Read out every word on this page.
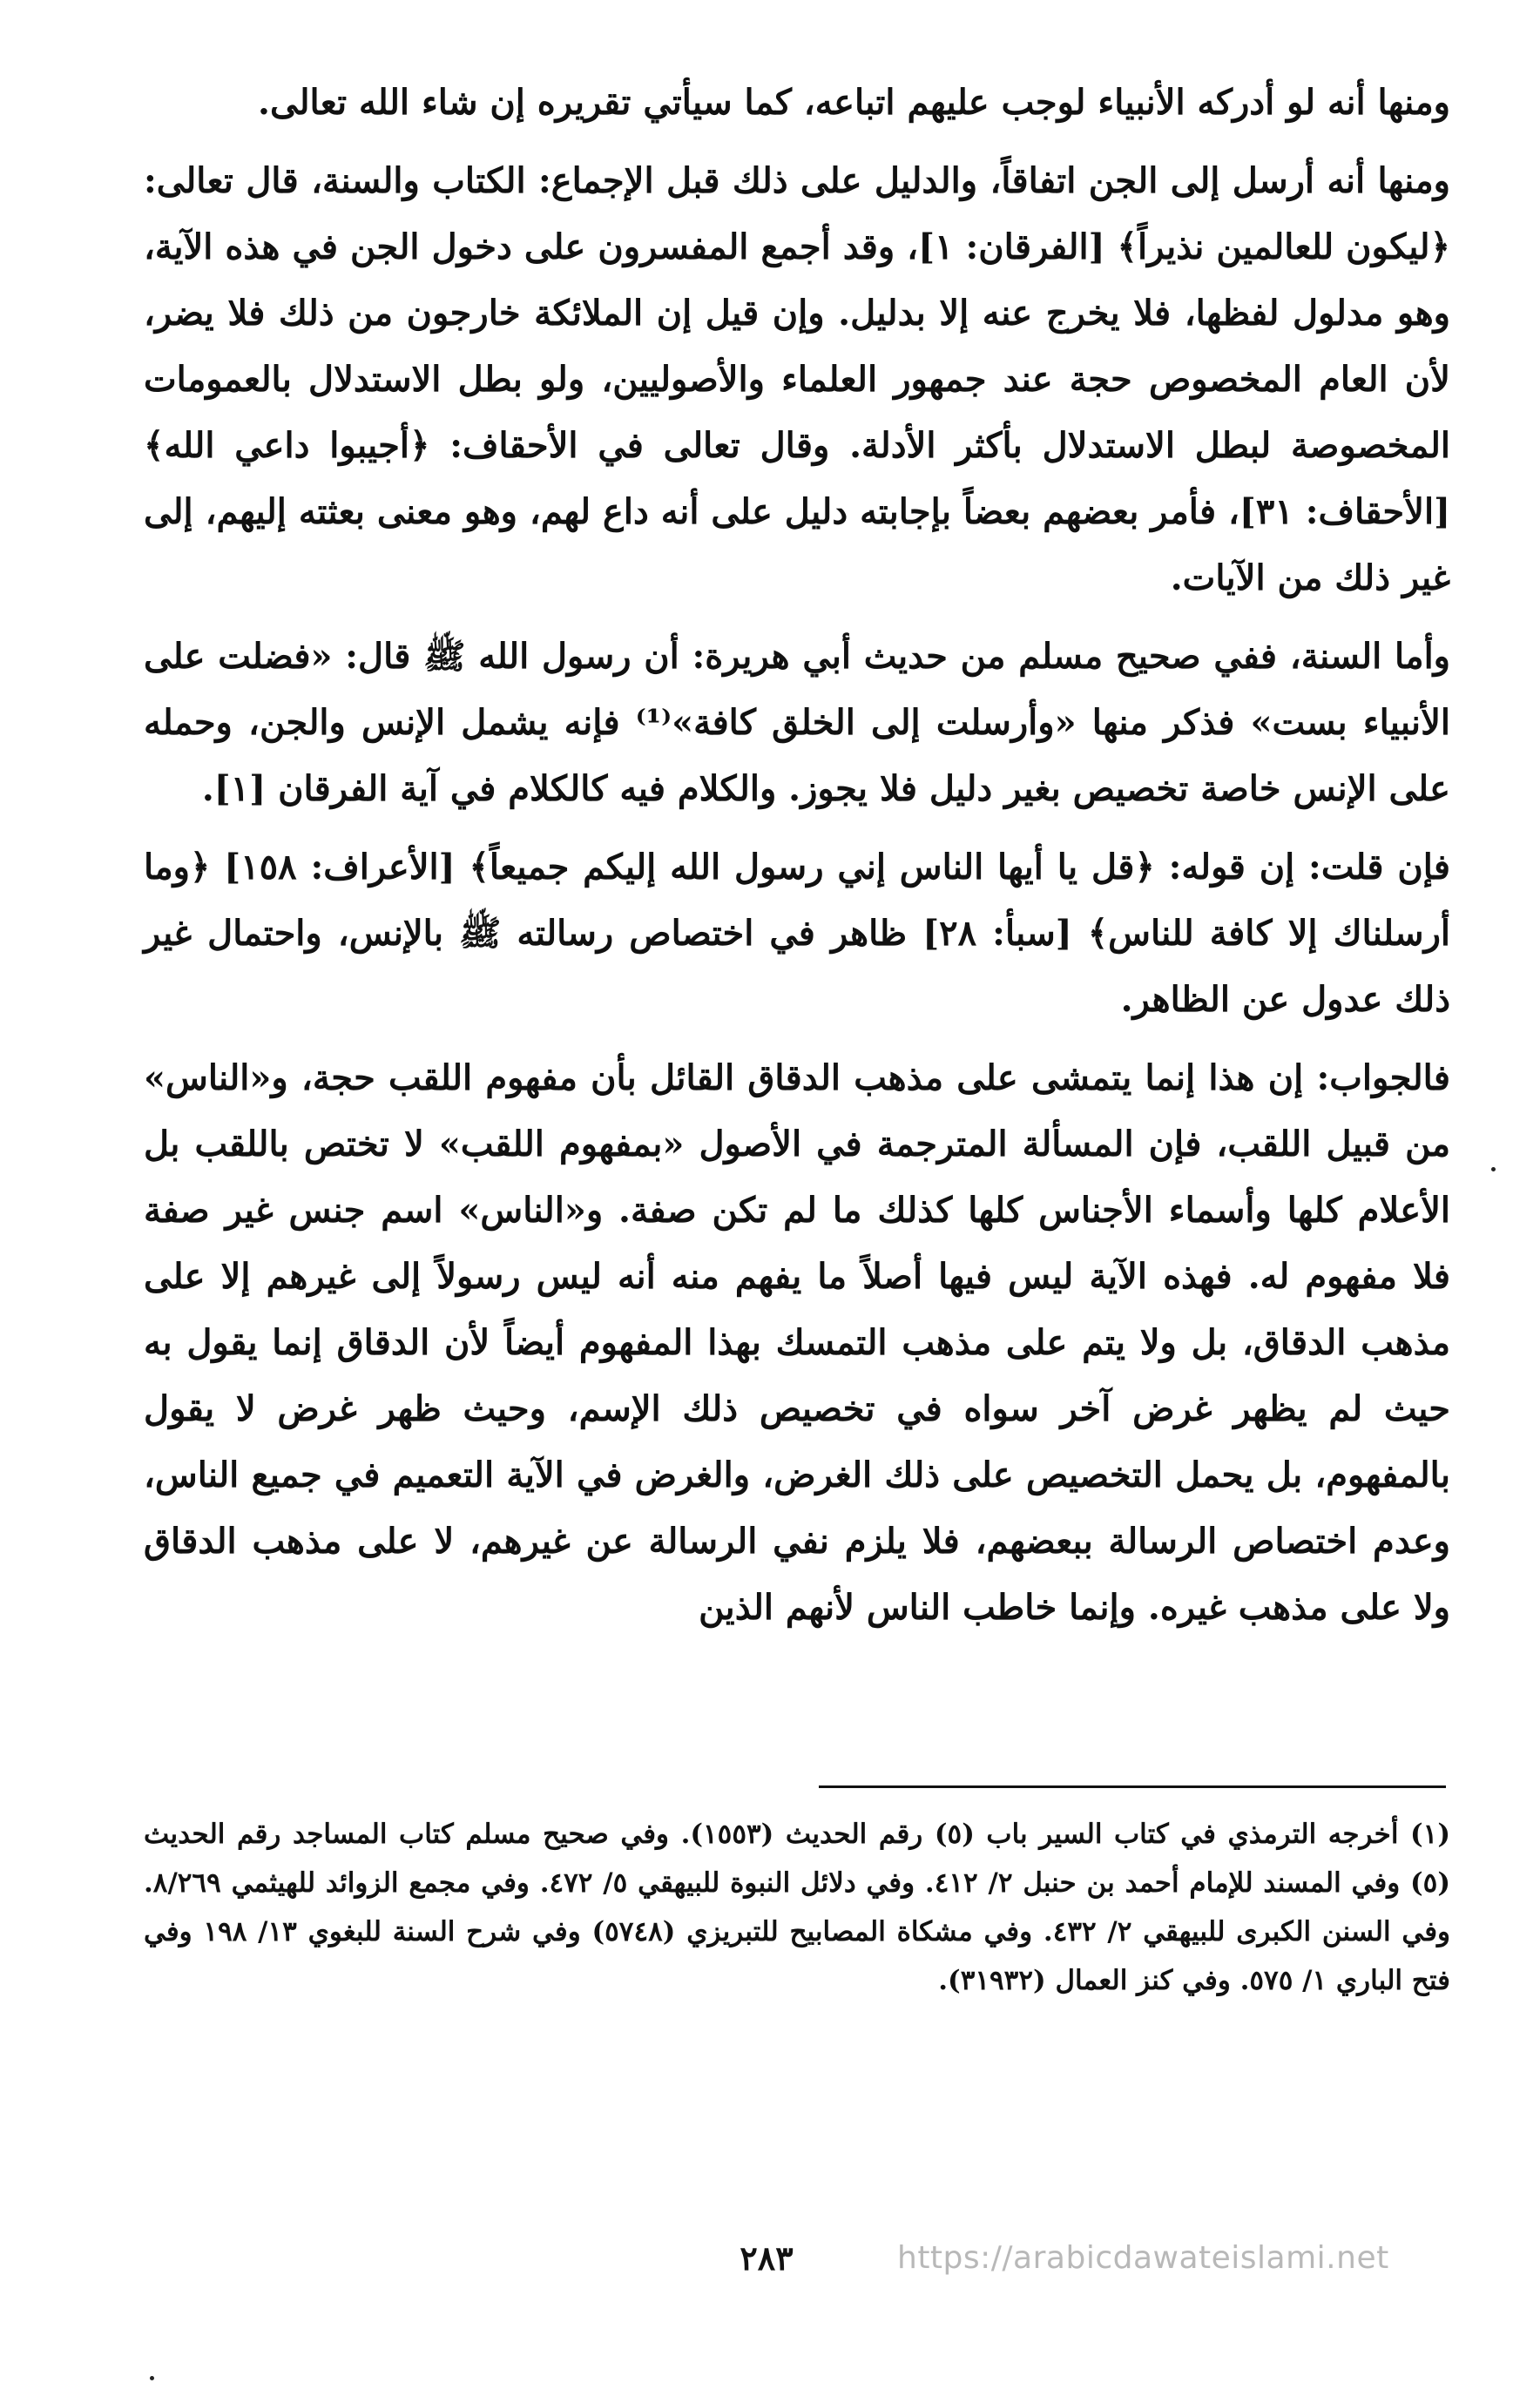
ومنها أنه لو أدركه الأنبياء لوجب عليهم اتباعه، كما سيأتي تقريره إن شاء الله تعالى.

ومنها أنه أرسل إلى الجن اتفاقاً، والدليل على ذلك قبل الإجماع: الكتاب والسنة، قال تعالى: ﴿ليكون للعالمين نذيراً﴾ [الفرقان: ١]، وقد أجمع المفسرون على دخول الجن في هذه الآية، وهو مدلول لفظها، فلا يخرج عنه إلا بدليل. وإن قيل إن الملائكة خارجون من ذلك فلا يضر، لأن العام المخصوص حجة عند جمهور العلماء والأصوليين، ولو بطل الاستدلال بالعمومات المخصوصة لبطل الاستدلال بأكثر الأدلة. وقال تعالى في الأحقاف: ﴿أجيبوا داعي الله﴾ [الأحقاف: ٣١]، فأمر بعضهم بعضاً بإجابته دليل على أنه داع لهم، وهو معنى بعثته إليهم، إلى غير ذلك من الآيات.

وأما السنة، ففي صحيح مسلم من حديث أبي هريرة: أن رسول الله ﷺ قال: «فضلت على الأنبياء بست» فذكر منها «وأرسلت إلى الخلق كافة»⁽¹⁾ فإنه يشمل الإنس والجن، وحمله على الإنس خاصة تخصيص بغير دليل فلا يجوز. والكلام فيه كالكلام في آية الفرقان [١].

فإن قلت: إن قوله: ﴿قل يا أيها الناس إني رسول الله إليكم جميعاً﴾ [الأعراف: ١٥٨] ﴿وما أرسلناك إلا كافة للناس﴾ [سبأ: ٢٨] ظاهر في اختصاص رسالته ﷺ بالإنس، واحتمال غير ذلك عدول عن الظاهر.

فالجواب: إن هذا إنما يتمشى على مذهب الدقاق القائل بأن مفهوم اللقب حجة، و«الناس» من قبيل اللقب، فإن المسألة المترجمة في الأصول «بمفهوم اللقب» لا تختص باللقب بل الأعلام كلها وأسماء الأجناس كلها كذلك ما لم تكن صفة. و«الناس» اسم جنس غير صفة فلا مفهوم له. فهذه الآية ليس فيها أصلاً ما يفهم منه أنه ليس رسولاً إلى غيرهم إلا على مذهب الدقاق، بل ولا يتم على مذهب التمسك بهذا المفهوم أيضاً لأن الدقاق إنما يقول به حيث لم يظهر غرض آخر سواه في تخصيص ذلك الإسم، وحيث ظهر غرض لا يقول بالمفهوم، بل يحمل التخصيص على ذلك الغرض، والغرض في الآية التعميم في جميع الناس، وعدم اختصاص الرسالة ببعضهم، فلا يلزم نفي الرسالة عن غيرهم، لا على مذهب الدقاق ولا على مذهب غيره. وإنما خاطب الناس لأنهم الذين

(١) أخرجه الترمذي في كتاب السير باب (٥) رقم الحديث (١٥٥٣). وفي صحيح مسلم كتاب المساجد رقم الحديث (٥) وفي المسند للإمام أحمد بن حنبل ٢/ ٤١٢. وفي دلائل النبوة للبيهقي ٥/ ٤٧٢. وفي مجمع الزوائد للهيثمي ٨/٢٦٩. وفي السنن الكبرى للبيهقي ٢/ ٤٣٢. وفي مشكاة المصابيح للتبريزي (٥٧٤٨) وفي شرح السنة للبغوي ١٣/ ١٩٨ وفي فتح الباري ١/ ٥٧٥. وفي كنز العمال (٣١٩٣٢).
٢٨٣	https://arabicdawateislami.net
